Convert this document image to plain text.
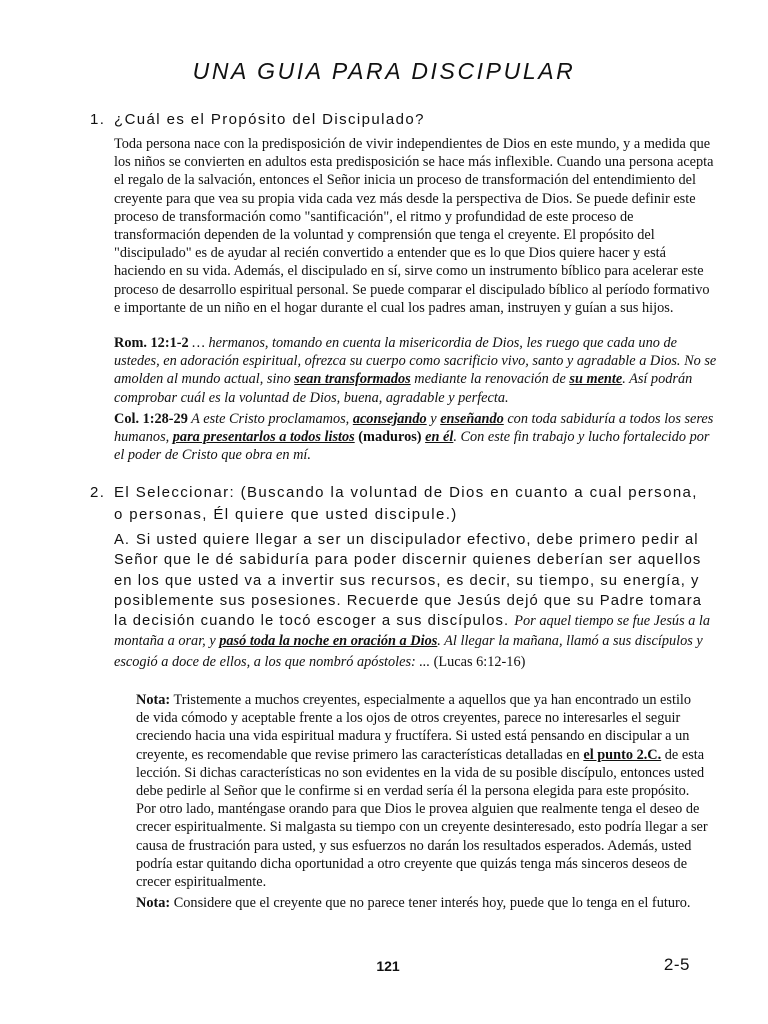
UNA GUIA PARA DISCIPULAR
1. ¿Cuál es el Propósito del Discipulado?

Toda persona nace con la predisposición de vivir independientes de Dios en este mundo, y a medida que los niños se convierten en adultos esta predisposición se hace más inflexible. Cuando una persona acepta el regalo de la salvación, entonces el Señor inicia un proceso de transformación del entendimiento del creyente para que vea su propia vida cada vez más desde la perspectiva de Dios. Se puede definir este proceso de transformación como "santificación", el ritmo y profundidad de este proceso de transformación dependen de la voluntad y comprensión que tenga el creyente. El propósito del "discipulado" es de ayudar al recién convertido a entender que es lo que Dios quiere hacer y está haciendo en su vida. Además, el discipulado en sí, sirve como un instrumento bíblico para acelerar este proceso de desarrollo espiritual personal. Se puede comparar el discipulado bíblico al período formativo e importante de un niño en el hogar durante el cual los padres aman, instruyen y guían a sus hijos.

Rom. 12:1-2 … hermanos, tomando en cuenta la misericordia de Dios, les ruego que cada uno de ustedes, en adoración espiritual, ofrezca su cuerpo como sacrificio vivo, santo y agradable a Dios. No se amolden al mundo actual, sino sean transformados mediante la renovación de su mente. Así podrán comprobar cuál es la voluntad de Dios, buena, agradable y perfecta.

Col. 1:28-29 A este Cristo proclamamos, aconsejando y enseñando con toda sabiduría a todos los seres humanos, para presentarlos a todos listos (maduros) en él. Con este fin trabajo y lucho fortalecido por el poder de Cristo que obra en mí.

2. El Seleccionar: (Buscando la voluntad de Dios en cuanto a cual persona,
o personas, Él quiere que usted discipule.)

A. Si usted quiere llegar a ser un discipulador efectivo, debe primero pedir al Señor que le dé sabiduría para poder discernir quienes deberían ser aquellos en los que usted va a invertir sus recursos, es decir, su tiempo, su energía, y posiblemente sus posesiones. Recuerde que Jesús dejó que su Padre tomara la decisión cuando le tocó escoger a sus discípulos. Por aquel tiempo se fue Jesús a la montaña a orar, y pasó toda la noche en oración a Dios. Al llegar la mañana, llamó a sus discípulos y escogió a doce de ellos, a los que nombró apóstoles: ... (Lucas 6:12-16)

Nota: Tristemente a muchos creyentes, especialmente a aquellos que ya han encontrado un estilo de vida cómodo y aceptable frente a los ojos de otros creyentes, parece no interesarles el seguir creciendo hacia una vida espiritual madura y fructífera. Si usted está pensando en discipular a un creyente, es recomendable que revise primero las características detalladas en el punto 2.C. de esta lección. Si dichas características no son evidentes en la vida de su posible discípulo, entonces usted debe pedirle al Señor que le confirme si en verdad sería él la persona elegida para este propósito. Por otro lado, manténgase orando para que Dios le provea alguien que realmente tenga el deseo de crecer espiritualmente. Si malgasta su tiempo con un creyente desinteresado, esto podría llegar a ser causa de frustración para usted, y sus esfuerzos no darán los resultados esperados. Además, usted podría estar quitando dicha oportunidad a otro creyente que quizás tenga más sinceros deseos de crecer espiritualmente.

Nota: Considere que el creyente que no parece tener interés hoy, puede que lo tenga en el futuro.

121	2-5
